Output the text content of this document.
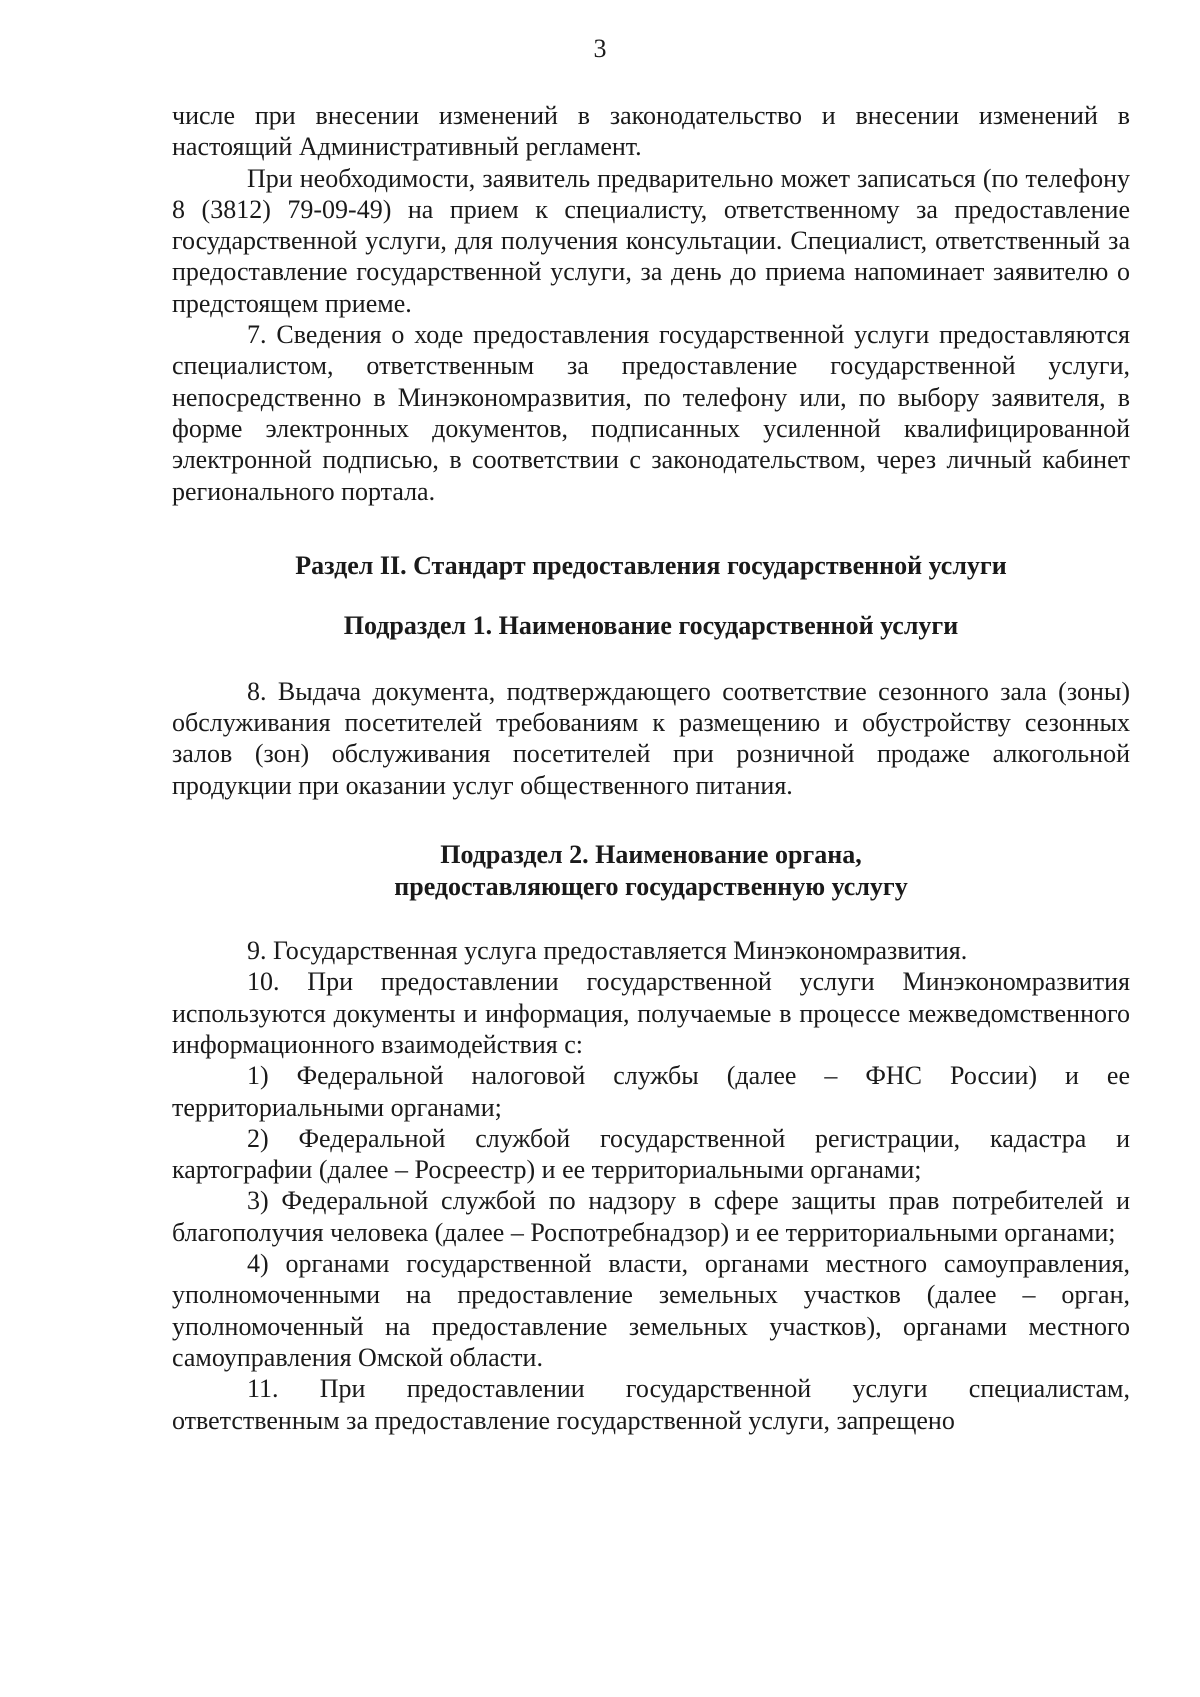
3

числе при внесении изменений в законодательство и внесении изменений в настоящий Административный регламент.

При необходимости, заявитель предварительно может записаться (по телефону 8 (3812) 79-09-49) на прием к специалисту, ответственному за предоставление государственной услуги, для получения консультации. Специалист, ответственный за предоставление государственной услуги, за день до приема напоминает заявителю о предстоящем приеме.

7. Сведения о ходе предоставления государственной услуги предоставляются специалистом, ответственным за предоставление государственной услуги, непосредственно в Минэкономразвития, по телефону или, по выбору заявителя, в форме электронных документов, подписанных усиленной квалифицированной электронной подписью, в соответствии с законодательством, через личный кабинет регионального портала.

Раздел II. Стандарт предоставления государственной услуги
Подраздел 1. Наименование государственной услуги

8. Выдача документа, подтверждающего соответствие сезонного зала (зоны) обслуживания посетителей требованиям к размещению и обустройству сезонных залов (зон) обслуживания посетителей при розничной продаже алкогольной продукции при оказании услуг общественного питания.

Подраздел 2. Наименование органа,
предоставляющего государственную услугу

9. Государственная услуга предоставляется Минэкономразвития.

10. При предоставлении государственной услуги Минэкономразвития используются документы и информация, получаемые в процессе межведомственного информационного взаимодействия с:

1) Федеральной налоговой службы (далее – ФНС России) и ее территориальными органами;

2) Федеральной службой государственной регистрации, кадастра и картографии (далее – Росреестр) и ее территориальными органами;

3) Федеральной службой по надзору в сфере защиты прав потребителей и благополучия человека (далее – Роспотребнадзор) и ее территориальными органами;

4) органами государственной власти, органами местного самоуправления, уполномоченными на предоставление земельных участков (далее – орган, уполномоченный на предоставление земельных участков), органами местного самоуправления Омской области.

11. При предоставлении государственной услуги специалистам, ответственным за предоставление государственной услуги, запрещено
